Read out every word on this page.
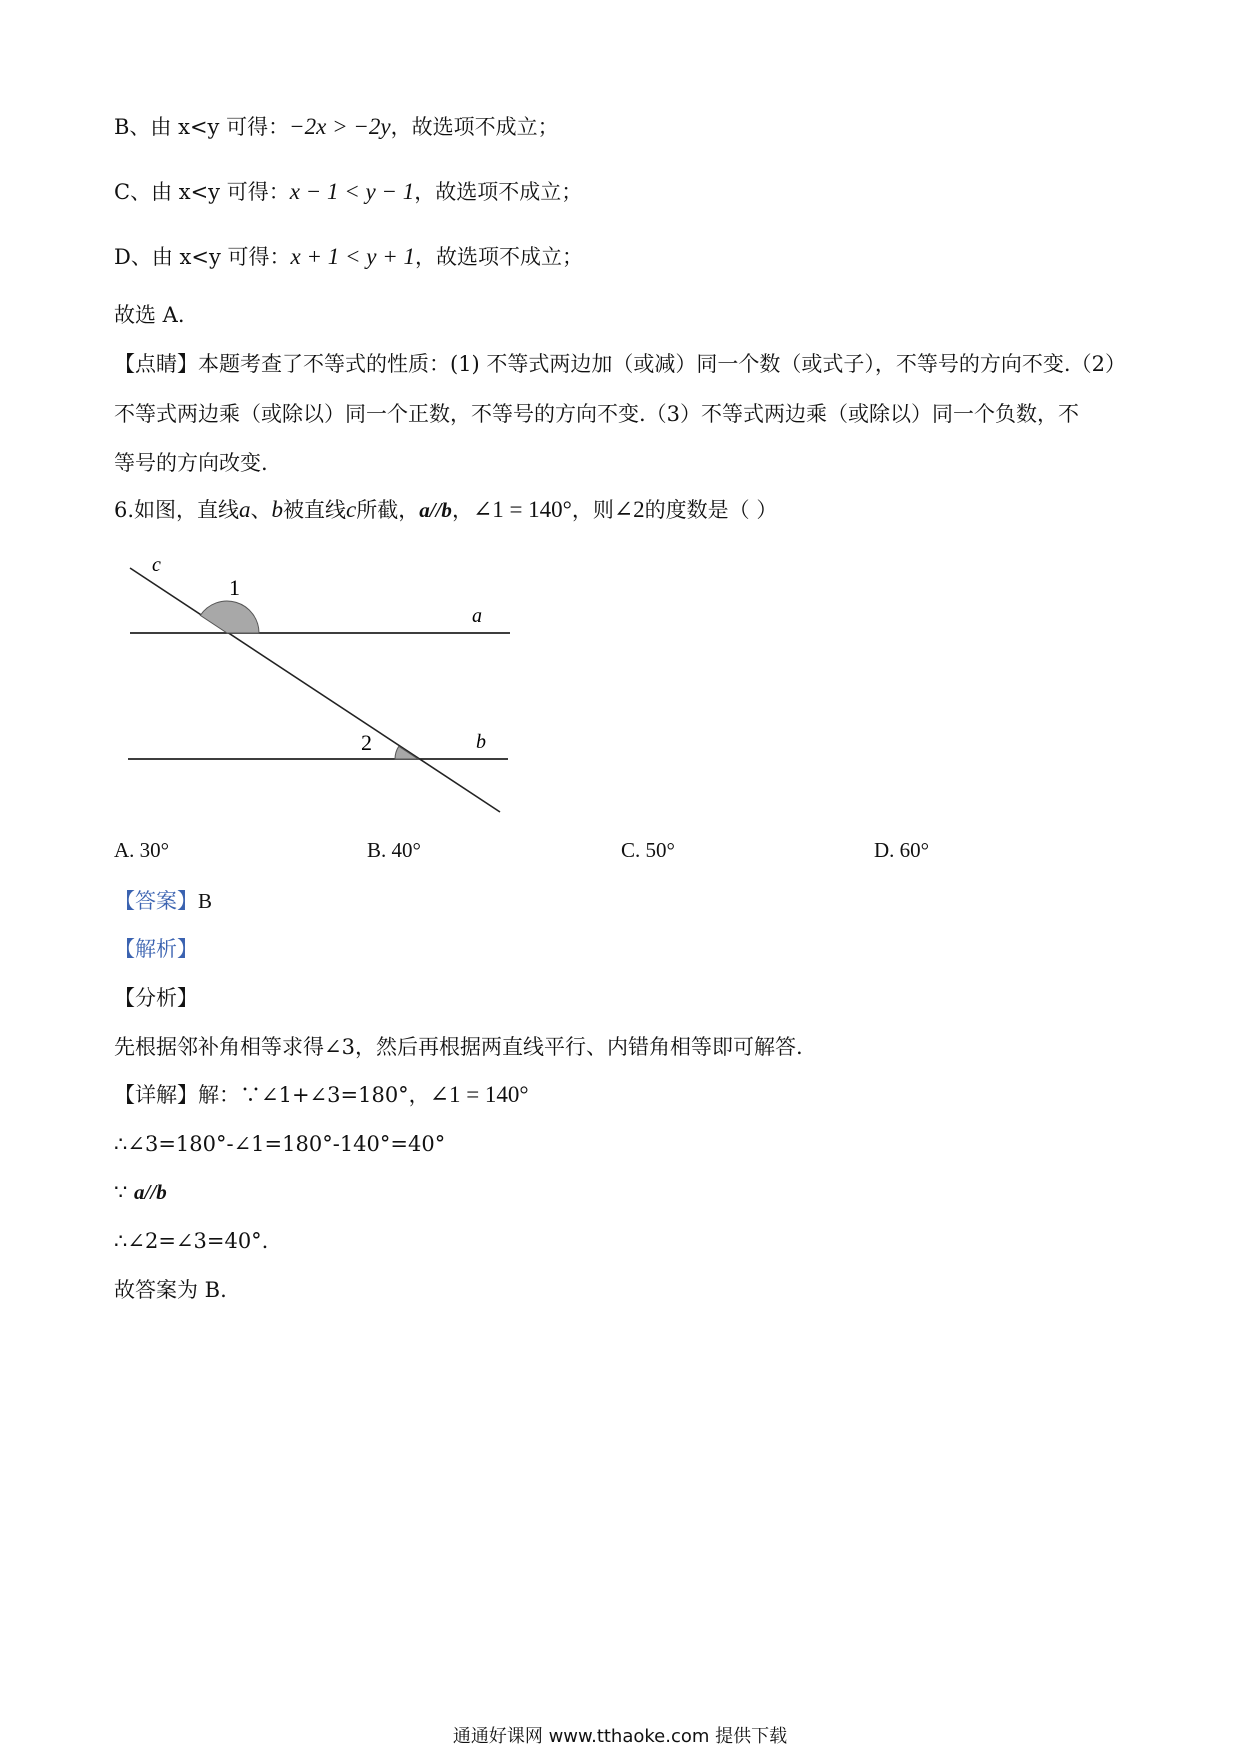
B、由 x<y 可得：−2x > −2y，故选项不成立；
C、由 x<y 可得：x − 1 < y − 1，故选项不成立；
D、由 x<y 可得：x + 1 < y + 1，故选项不成立；
故选 A.
【点睛】本题考查了不等式的性质：(1) 不等式两边加（或减）同一个数（或式子），不等号的方向不变.（2）
不等式两边乘（或除以）同一个正数，不等号的方向不变.（3）不等式两边乘（或除以）同一个负数，不
等号的方向改变.
6.如图，直线a、b被直线c所截，a//b，∠1 = 140°，则∠2的度数是（ ）
c
1
a
2	b
A. 30°	B. 40°	C. 50°	D. 60°
【答案】B
【解析】
【分析】
先根据邻补角相等求得∠3，然后再根据两直线平行、内错角相等即可解答.
【详解】解：∵∠1+∠3=180°，∠1 = 140°
∴∠3=180°-∠1=180°-140°=40°
∵ a//b
∴∠2=∠3=40°.
故答案为 B.
通通好课网 www.tthaoke.com 提供下载
